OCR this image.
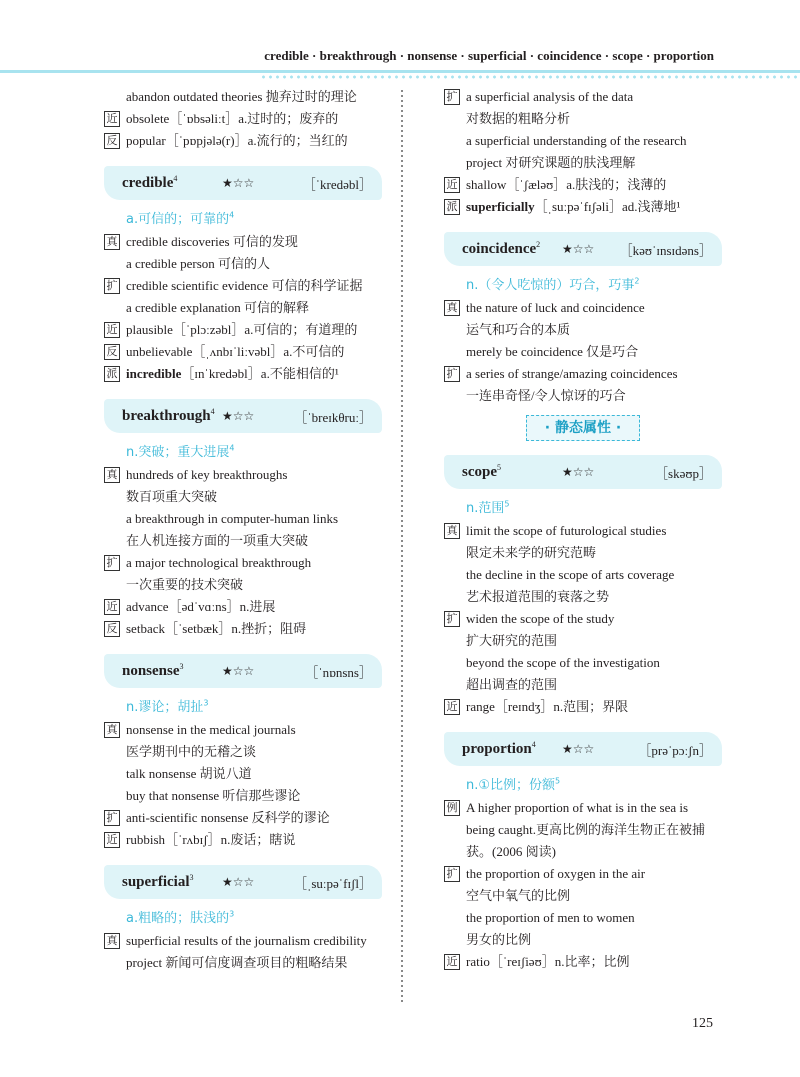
credible · breakthrough · nonsense · superficial · coincidence · scope · proportion
abandon outdated theories 抛弃过时的理论
近 obsolete［ˈɒbsəliːt］a.过时的；废弃的
反 popular［ˈpɒpjələ(r)］a.流行的；当红的
credible$^4$	★☆☆	［ˈkredəbl］
a.可信的；可靠的$^4$
真 credible discoveries 可信的发现
a credible person 可信的人
扩 credible scientific evidence 可信的科学证据
a credible explanation 可信的解释
近 plausible［ˈplɔːzəbl］a.可信的；有道理的
反 unbelievable［ˌʌnbɪˈliːvəbl］a.不可信的
派 incredible［ɪnˈkredəbl］a.不能相信的¹
breakthrough$^4$ ★☆☆	［ˈbreɪkθruː］
n.突破；重大进展$^4$
真 hundreds of key breakthroughs
数百项重大突破
a breakthrough in computer-human links
在人机连接方面的一项重大突破
扩 a major technological breakthrough
一次重要的技术突破
近 advance［ədˈvɑːns］n.进展
反 setback［ˈsetbæk］n.挫折；阻碍
nonsense$^3$	★☆☆	［ˈnɒnsns］
n.谬论；胡扯$^3$
真 nonsense in the medical journals
医学期刊中的无稽之谈
talk nonsense 胡说八道
buy that nonsense 听信那些谬论
扩 anti-scientific nonsense 反科学的谬论
近 rubbish［ˈrʌbɪʃ］n.废话；瞎说
superficial$^3$	★☆☆	［ˌsuːpəˈfɪʃl］
a.粗略的；肤浅的$^3$
真 superficial results of the journalism credibility
project 新闻可信度调查项目的粗略结果
扩 a superficial analysis of the data
对数据的粗略分析
a superficial understanding of the research
project 对研究课题的肤浅理解
近 shallow［ˈʃæləʊ］a.肤浅的；浅薄的
派 superficially［ˌsuːpəˈfɪʃəli］ad.浅薄地¹
coincidence$^2$	★☆☆	［kəʊˈɪnsɪdəns］
n.（令人吃惊的）巧合，巧事$^2$
真 the nature of luck and coincidence
运气和巧合的本质
merely be coincidence 仅是巧合
扩 a series of strange/amazing coincidences
一连串奇怪/令人惊讶的巧合
· 静态属性 ·
scope$^5$	★☆☆	［skəʊp］
n.范围$^5$
真 limit the scope of futurological studies
限定未来学的研究范畴
the decline in the scope of arts coverage
艺术报道范围的衰落之势
扩 widen the scope of the study
扩大研究的范围
beyond the scope of the investigation
超出调查的范围
近 range［reɪndʒ］n.范围；界限
proportion$^4$	★☆☆	［prəˈpɔːʃn］
n.①比例；份额$^5$
例 A higher proportion of what is in the sea is
being caught.更高比例的海洋生物正在被捕
获。(2006 阅读)
扩 the proportion of oxygen in the air
空气中氧气的比例
the proportion of men to women
男女的比例
近 ratio［ˈreɪʃiəʊ］n.比率；比例
125
